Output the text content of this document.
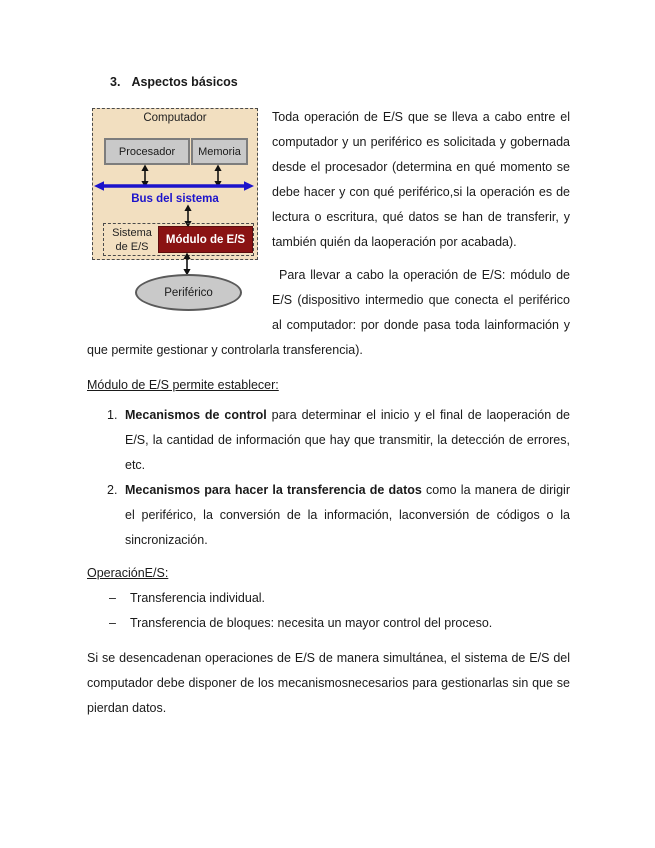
3. Aspectos básicos
Computador
Procesador Memoria
Bus del sistema
Sistema de E/S
Módulo de E/S
Periférico

Toda operación de E/S que se lleva a cabo entre el computador y un periférico es solicitada y gobernada desde el procesador (determina en qué momento se debe hacer y con qué periférico,si la operación es de lectura o escritura, qué datos se han de transferir, y también quién da laoperación por acabada).

Para llevar a cabo la operación de E/S: módulo de E/S (dispositivo intermedio que conecta el periférico al computador: por donde pasa toda lainformación y que permite gestionar y controlarla transferencia).

Módulo de E/S permite establecer:
1. Mecanismos de control para determinar el inicio y el final de laoperación de E/S, la cantidad de información que hay que transmitir, la detección de errores, etc.
2. Mecanismos para hacer la transferencia de datos como la manera de dirigir el periférico, la conversión de la información, laconversión de códigos o la sincronización.
OperaciónE/S:
–	Transferencia individual.
–	Transferencia de bloques: necesita un mayor control del proceso.

Si se desencadenan operaciones de E/S de manera simultánea, el sistema de E/S del computador debe disponer de los mecanismosnecesarios para gestionarlas sin que se pierdan datos.
